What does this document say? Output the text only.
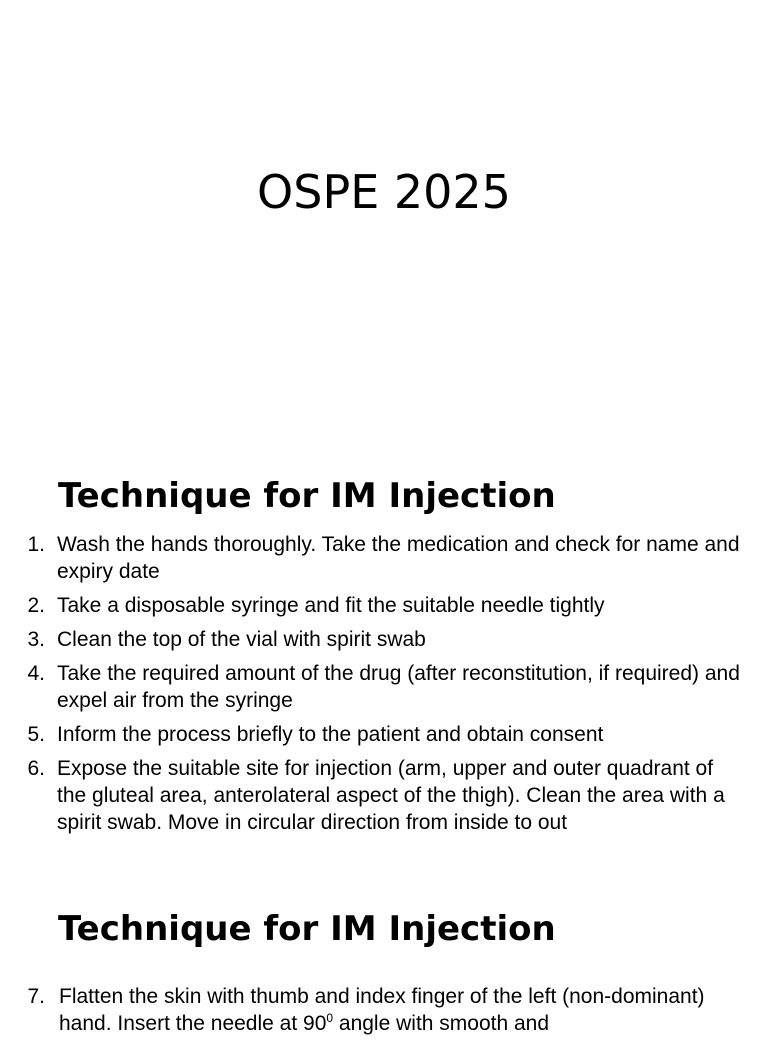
OSPE 2025
Technique for IM Injection
1. Wash the hands thoroughly. Take the medication and check for name and expiry date
2. Take a disposable syringe and fit the suitable needle tightly
3. Clean the top of the vial with spirit swab
4. Take the required amount of the drug (after reconstitution, if required) and expel air from the syringe
5. Inform the process briefly to the patient and obtain consent
6. Expose the suitable site for injection (arm, upper and outer quadrant of the gluteal area, anterolateral aspect of the thigh). Clean the area with a spirit swab. Move in circular direction from inside to out
Technique for IM Injection
7. Flatten the skin with thumb and index finger of the left (non-dominant) hand. Insert the needle at $90^0$ angle with smooth and
